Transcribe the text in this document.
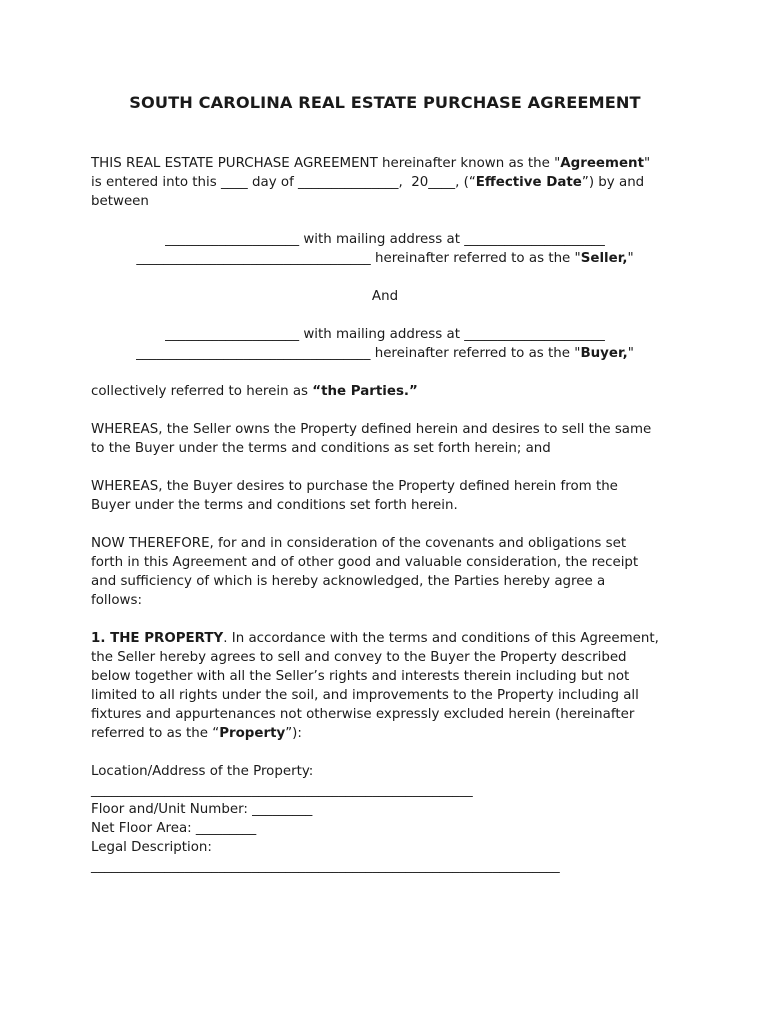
SOUTH CAROLINA REAL ESTATE PURCHASE AGREEMENT
THIS REAL ESTATE PURCHASE AGREEMENT hereinafter known as the "Agreement"
is entered into this ____ day of _______________,  20____, (“Effective Date”) by and
between

____________________ with mailing address at _____________________

___________________________________ hereinafter referred to as the "Seller,"

And

____________________ with mailing address at _____________________

___________________________________ hereinafter referred to as the "Buyer,"

collectively referred to herein as “the Parties.”
WHEREAS, the Seller owns the Property defined herein and desires to sell the same
to the Buyer under the terms and conditions as set forth herein; and
WHEREAS, the Buyer desires to purchase the Property defined herein from the
Buyer under the terms and conditions set forth herein.
NOW THEREFORE, for and in consideration of the covenants and obligations set
forth in this Agreement and of other good and valuable consideration, the receipt
and sufficiency of which is hereby acknowledged, the Parties hereby agree a
follows:
1. THE PROPERTY. In accordance with the terms and conditions of this Agreement,
the Seller hereby agrees to sell and convey to the Buyer the Property described
below together with all the Seller’s rights and interests therein including but not
limited to all rights under the soil, and improvements to the Property including all
fixtures and appurtenances not otherwise expressly excluded herein (hereinafter
referred to as the “Property”):
Location/Address of the Property:
_________________________________________________________
Floor and/Unit Number: _________
Net Floor Area: _________
Legal Description:
______________________________________________________________________
